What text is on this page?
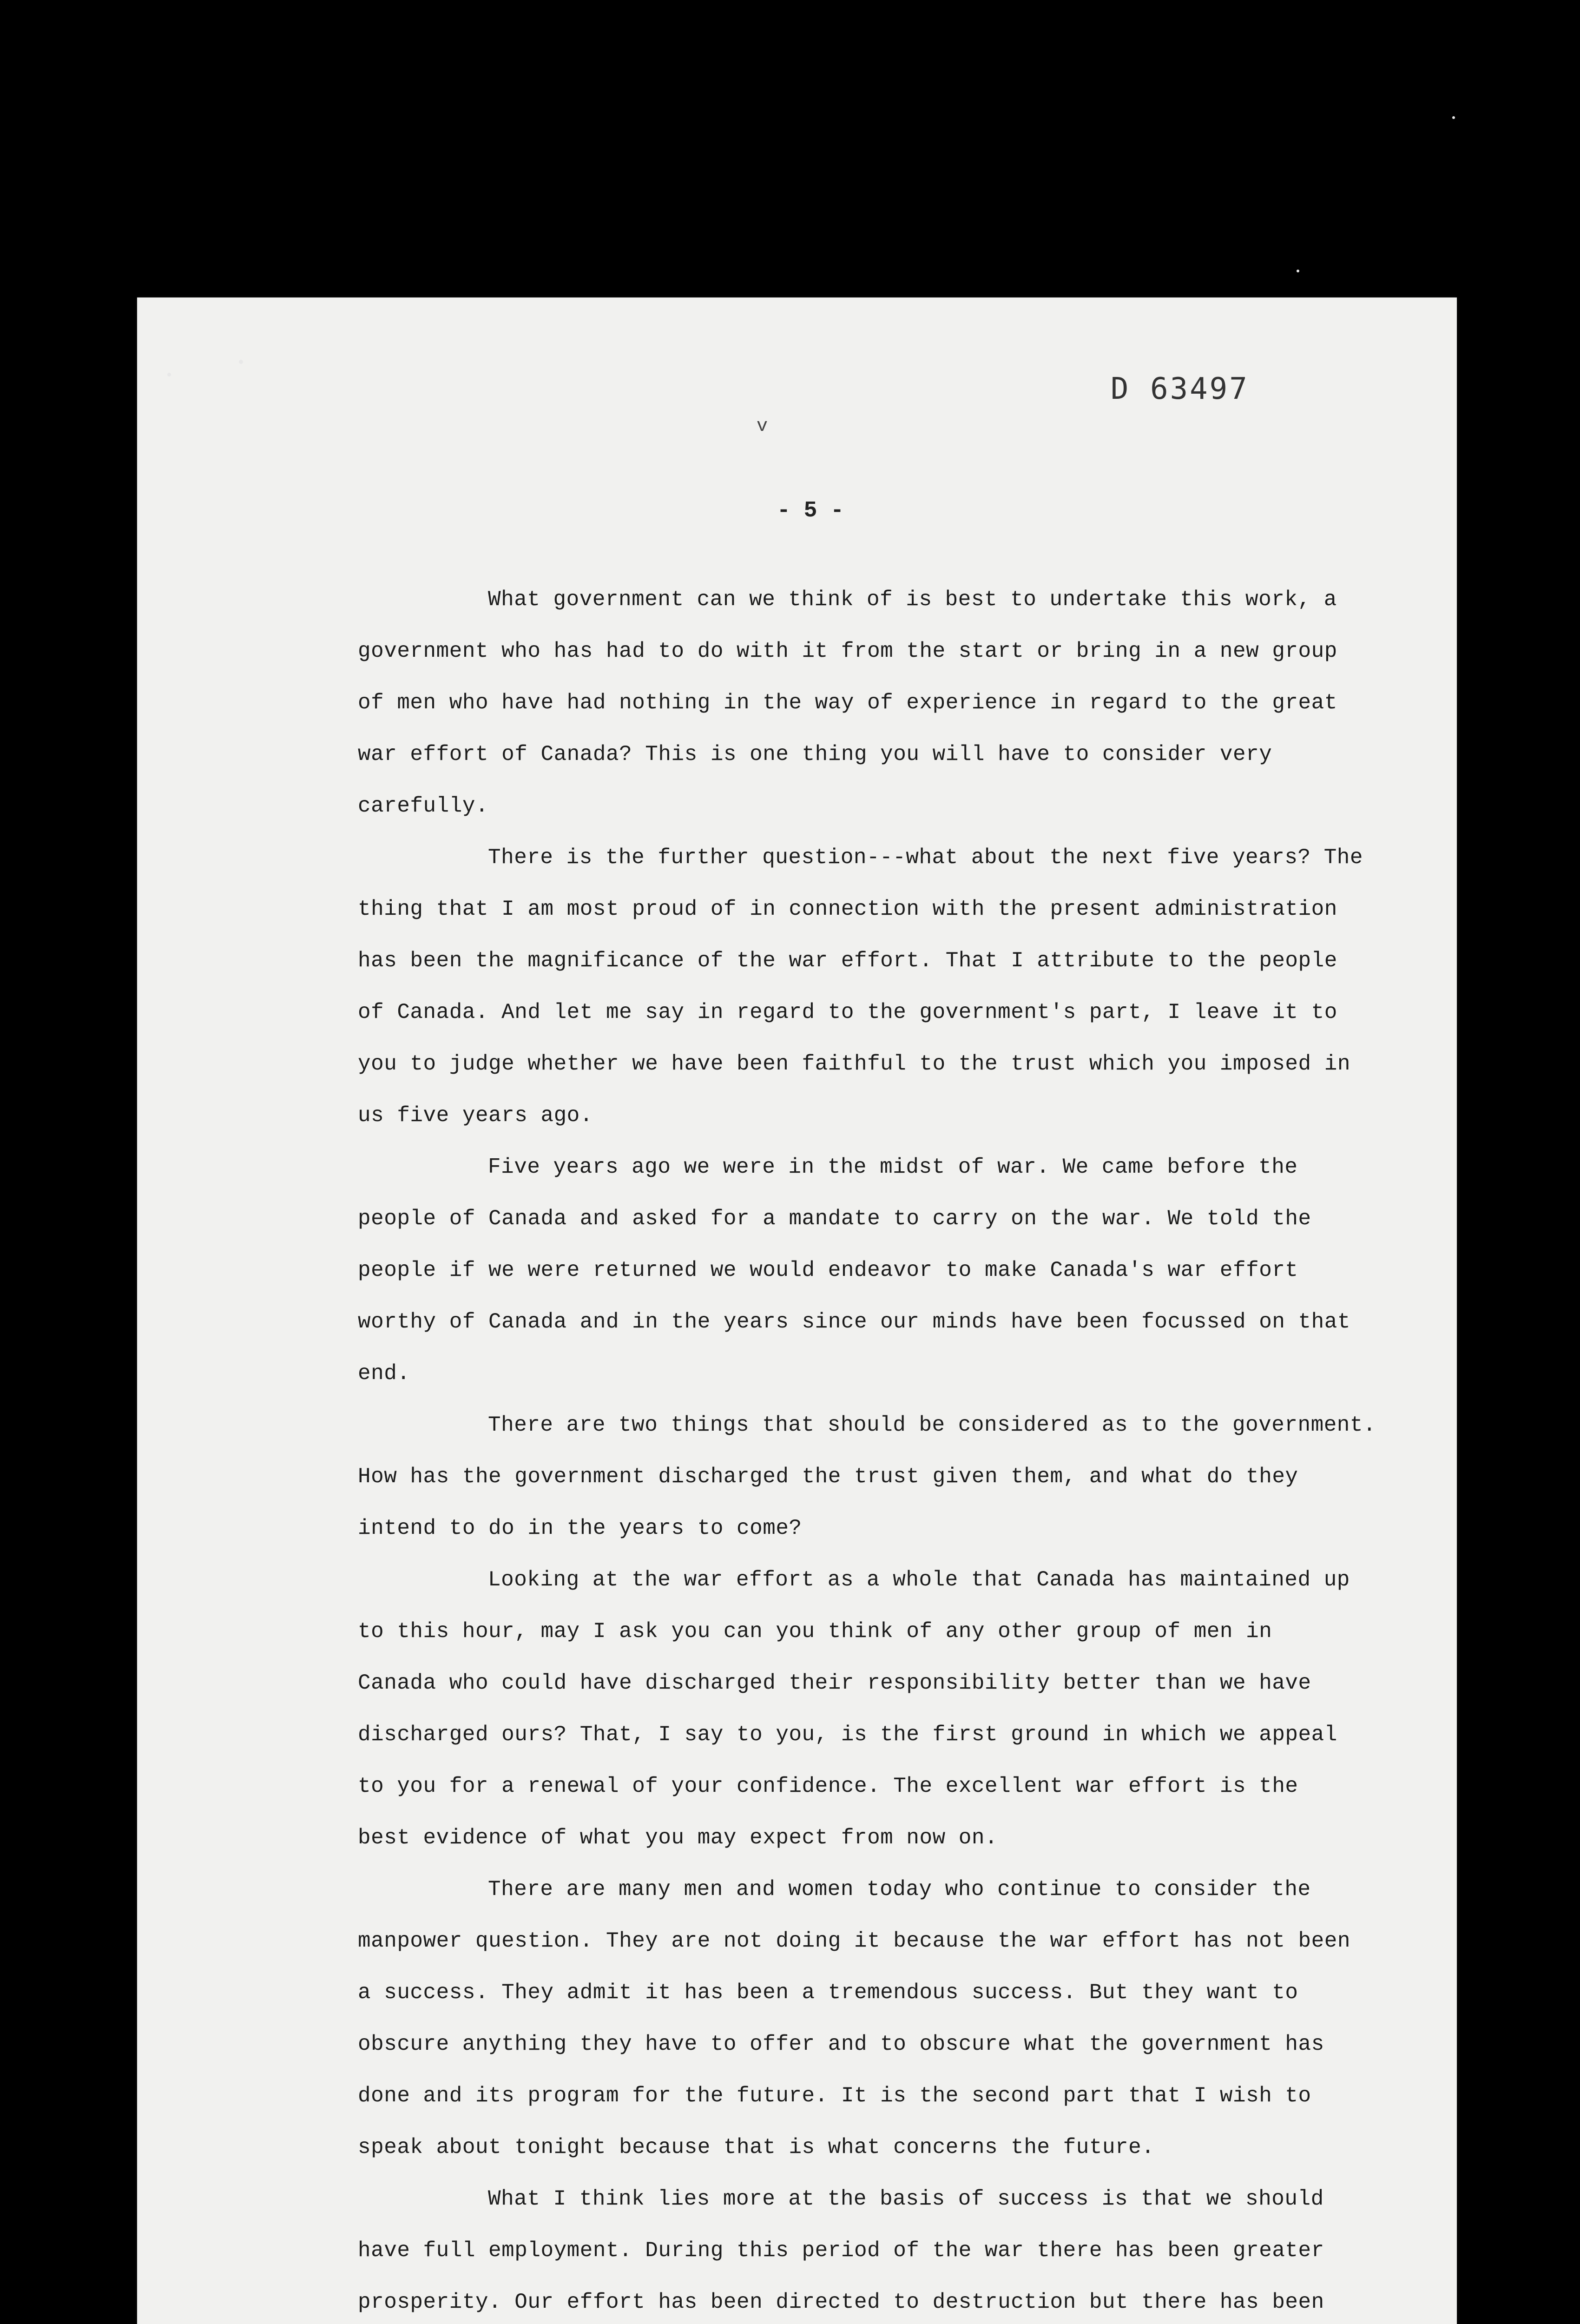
D 63497
v
- 5 -
What government can we think of is best to undertake this work, a
government who has had to do with it from the start or bring in a new group
of men who have had nothing in the way of experience in regard to the great
war effort of Canada? This is one thing you will have to consider very
carefully.
There is the further question---what about the next five years? The
thing that I am most proud of in connection with the present administration
has been the magnificance of the war effort. That I attribute to the people
of Canada. And let me say in regard to the government's part, I leave it to
you to judge whether we have been faithful to the trust which you imposed in
us five years ago.
Five years ago we were in the midst of war. We came before the
people of Canada and asked for a mandate to carry on the war. We told the
people if we were returned we would endeavor to make Canada's war effort
worthy of Canada and in the years since our minds have been focussed on that
end.
There are two things that should be considered as to the government.
How has the government discharged the trust given them, and what do they
intend to do in the years to come?
Looking at the war effort as a whole that Canada has maintained up
to this hour, may I ask you can you think of any other group of men in
Canada who could have discharged their responsibility better than we have
discharged ours? That, I say to you, is the first ground in which we appeal
to you for a renewal of your confidence. The excellent war effort is the
best evidence of what you may expect from now on.
There are many men and women today who continue to consider the
manpower question. They are not doing it because the war effort has not been
a success. They admit it has been a tremendous success. But they want to
obscure anything they have to offer and to obscure what the government has
done and its program for the future. It is the second part that I wish to
speak about tonight because that is what concerns the future.
What I think lies more at the basis of success is that we should
have full employment. During this period of the war there has been greater
prosperity. Our effort has been directed to destruction but there has been
